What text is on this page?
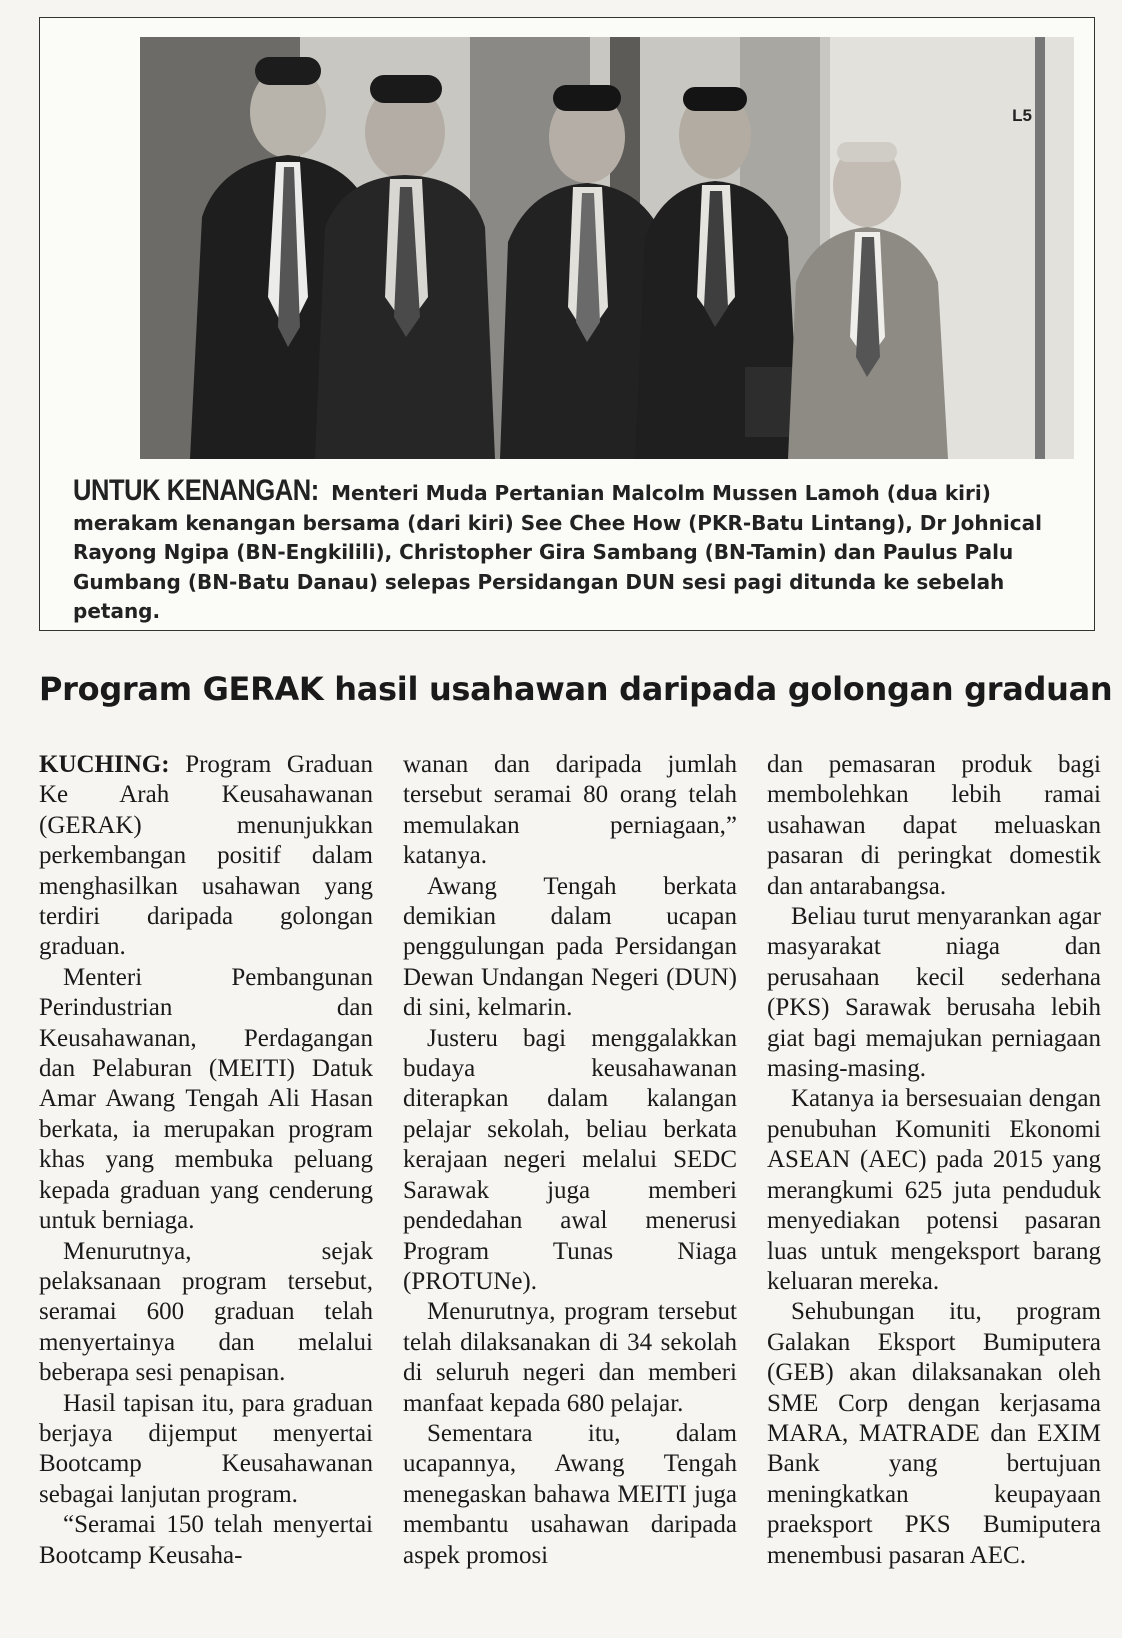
L5
UNTUK KENANGAN: Menteri Muda Pertanian Malcolm Mussen Lamoh (dua kiri) merakam kenangan bersama (dari kiri) See Chee How (PKR-Batu Lintang), Dr Johnical Rayong Ngipa (BN-Engkilili), Christopher Gira Sambang (BN-Tamin) dan Paulus Palu Gumbang (BN-Batu Danau) selepas Persidangan DUN sesi pagi ditunda ke sebelah petang.
Program GERAK hasil usahawan daripada golongan graduan

KUCHING: Program Graduan Ke Arah Keusahawanan (GERAK) menunjukkan perkembangan positif dalam menghasilkan usahawan yang terdiri daripada golongan graduan.

Menteri Pembangunan Perindustrian dan Keusahawanan, Perdagangan dan Pelaburan (MEITI) Datuk Amar Awang Tengah Ali Hasan berkata, ia merupakan program khas yang membuka peluang kepada graduan yang cenderung untuk berniaga.

Menurutnya, sejak pelaksanaan program tersebut, seramai 600 graduan telah menyertainya dan melalui beberapa sesi penapisan.

Hasil tapisan itu, para graduan berjaya dijemput menyertai Bootcamp Keusahawanan sebagai lanjutan program.

“Seramai 150 telah menyertai Bootcamp Keusaha-

wanan dan daripada jumlah tersebut seramai 80 orang telah memulakan perniagaan,” katanya.

Awang Tengah berkata demikian dalam ucapan penggulungan pada Persidangan Dewan Undangan Negeri (DUN) di sini, kelmarin.

Justeru bagi menggalakkan budaya keusahawanan diterapkan dalam kalangan pelajar sekolah, beliau berkata kerajaan negeri melalui SEDC Sarawak juga memberi pendedahan awal menerusi Program Tunas Niaga (PROTUNe).

Menurutnya, program tersebut telah dilaksanakan di 34 sekolah di seluruh negeri dan memberi manfaat kepada 680 pelajar.

Sementara itu, dalam ucapannya, Awang Tengah menegaskan bahawa MEITI juga membantu usahawan daripada aspek promosi

dan pemasaran produk bagi membolehkan lebih ramai usahawan dapat meluaskan pasaran di peringkat domestik dan antarabangsa.

Beliau turut menyarankan agar masyarakat niaga dan perusahaan kecil sederhana (PKS) Sarawak berusaha lebih giat bagi memajukan perniagaan masing-masing.

Katanya ia bersesuaian dengan penubuhan Komuniti Ekonomi ASEAN (AEC) pada 2015 yang merangkumi 625 juta penduduk menyediakan potensi pasaran luas untuk mengeksport barang keluaran mereka.

Sehubungan itu, program Galakan Eksport Bumiputera (GEB) akan dilaksanakan oleh SME Corp dengan kerjasama MARA, MATRADE dan EXIM Bank yang bertujuan meningkatkan keupayaan praeksport PKS Bumiputera menembusi pasaran AEC.
